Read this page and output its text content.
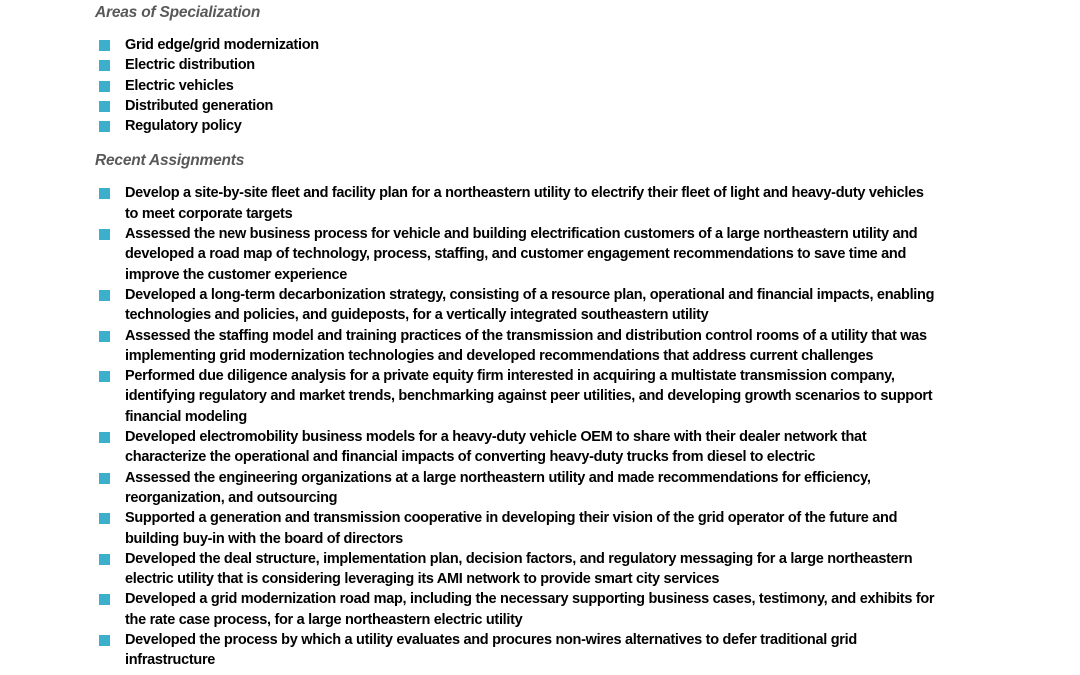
Areas of Specialization
Grid edge/grid modernization
Electric distribution
Electric vehicles
Distributed generation
Regulatory policy
Recent Assignments
Develop a site-by-site fleet and facility plan for a northeastern utility to electrify their fleet of light and heavy-duty vehicles to meet corporate targets
Assessed the new business process for vehicle and building electrification customers of a large northeastern utility and developed a road map of technology, process, staffing, and customer engagement recommendations to save time and improve the customer experience
Developed a long-term decarbonization strategy, consisting of a resource plan, operational and financial impacts, enabling technologies and policies, and guideposts, for a vertically integrated southeastern utility
Assessed the staffing model and training practices of the transmission and distribution control rooms of a utility that was implementing grid modernization technologies and developed recommendations that address current challenges
Performed due diligence analysis for a private equity firm interested in acquiring a multistate transmission company, identifying regulatory and market trends, benchmarking against peer utilities, and developing growth scenarios to support financial modeling
Developed electromobility business models for a heavy-duty vehicle OEM to share with their dealer network that characterize the operational and financial impacts of converting heavy-duty trucks from diesel to electric
Assessed the engineering organizations at a large northeastern utility and made recommendations for efficiency, reorganization, and outsourcing
Supported a generation and transmission cooperative in developing their vision of the grid operator of the future and building buy-in with the board of directors
Developed the deal structure, implementation plan, decision factors, and regulatory messaging for a large northeastern electric utility that is considering leveraging its AMI network to provide smart city services
Developed a grid modernization road map, including the necessary supporting business cases, testimony, and exhibits for the rate case process, for a large northeastern electric utility
Developed the process by which a utility evaluates and procures non-wires alternatives to defer traditional grid infrastructure
